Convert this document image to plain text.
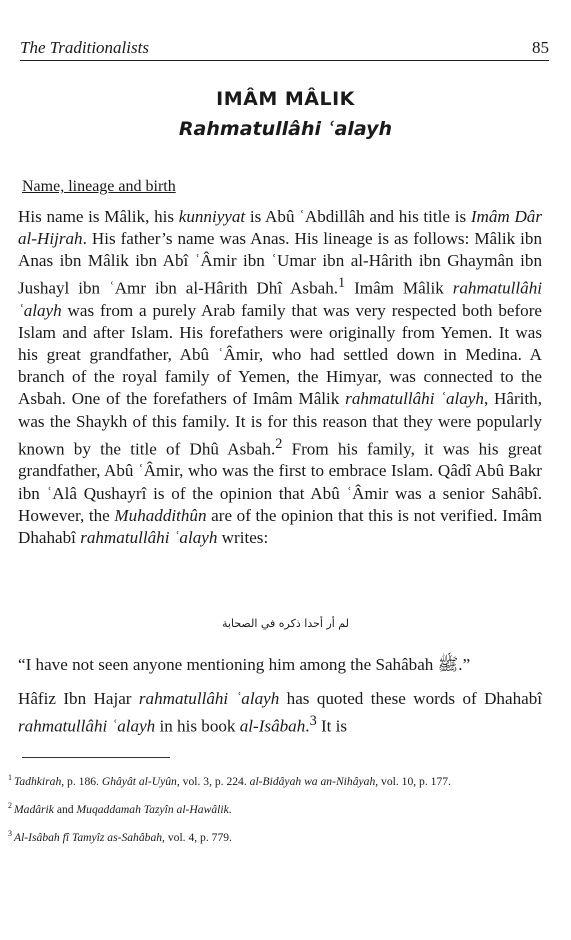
The Traditionalists	85
IMÂM MÂLIK
Rahmatullâhi ʿalayh
Name, lineage and birth

His name is Mâlik, his kunniyyat is Abû ʿAbdillâh and his title is Imâm Dâr al-Hijrah. His father’s name was Anas. His lineage is as follows: Mâlik ibn Anas ibn Mâlik ibn Abî ʿÂmir ibn ʿUmar ibn al-Hârith ibn Ghaymân ibn Jushayl ibn ʿAmr ibn al-Hârith Dhî Asbah.$^1$ Imâm Mâlik rahmatullâhi ʿalayh was from a purely Arab family that was very respected both before Islam and after Islam. His forefathers were originally from Yemen. It was his great grandfather, Abû ʿÂmir, who had settled down in Medina. A branch of the royal family of Yemen, the Himyar, was connected to the Asbah. One of the forefathers of Imâm Mâlik rahmatullâhi ʿalayh, Hârith, was the Shaykh of this family. It is for this reason that they were popularly known by the title of Dhû Asbah.$^2$ From his family, it was his great grandfather, Abû ʿÂmir, who was the first to embrace Islam. Qâdî Abû Bakr ibn ʿAlâ Qushayrî is of the opinion that Abû ʿÂmir was a senior Sahâbî. However, the Muhaddithûn are of the opinion that this is not verified. Imâm Dhahabî rahmatullâhi ʿalayh writes:

لم أر أحدا ذكره في الصحابة
“I have not seen anyone mentioning him among the Sahâbah ﷺ.”
Hâfiz Ibn Hajar rahmatullâhi ʿalayh has quoted these words of Dhahabî rahmatullâhi ʿalayh in his book al-Isâbah.$^3$ It is

$^1$ Tadhkirah, p. 186. Ghâyât al-Uyûn, vol. 3, p. 224. al-Bidâyah wa an-Nihâyah, vol. 10, p. 177.

$^2$ Madârik and Muqaddamah Tazyîn al-Hawâlik.

$^3$ Al-Isâbah fî Tamyîz as-Sahâbah, vol. 4, p. 779.
